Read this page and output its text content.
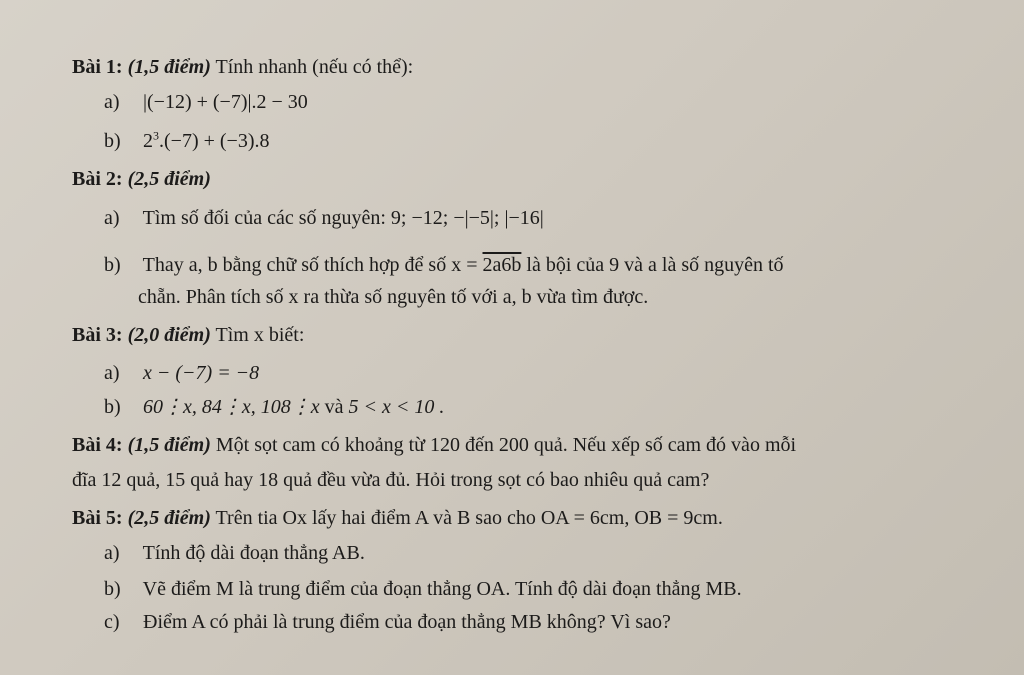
Bài 1: (1,5 điểm) Tính nhanh (nếu có thể):
a) |(−12) + (−7)|.2 − 30
b) $2^3.(-7) + (-3).8$
Bài 2: (2,5 điểm)
a) Tìm số đối của các số nguyên: 9; −12; −|−5|; |−16|
b) Thay a, b bằng chữ số thích hợp để số x = 2a6b là bội của 9 và a là số nguyên tố
chẵn. Phân tích số x ra thừa số nguyên tố với a, b vừa tìm được.
Bài 3: (2,0 điểm) Tìm x biết:
a) x − (−7) = −8
b) 60⋮x, 84⋮x, 108⋮x và 5 < x < 10 .
Bài 4: (1,5 điểm) Một sọt cam có khoảng từ 120 đến 200 quả. Nếu xếp số cam đó vào mỗi
đĩa 12 quả, 15 quả hay 18 quả đều vừa đủ. Hỏi trong sọt có bao nhiêu quả cam?
Bài 5: (2,5 điểm) Trên tia Ox lấy hai điểm A và B sao cho OA = 6cm, OB = 9cm.
a) Tính độ dài đoạn thẳng AB.
b) Vẽ điểm M là trung điểm của đoạn thẳng OA. Tính độ dài đoạn thẳng MB.
c) Điểm A có phải là trung điểm của đoạn thẳng MB không? Vì sao?
